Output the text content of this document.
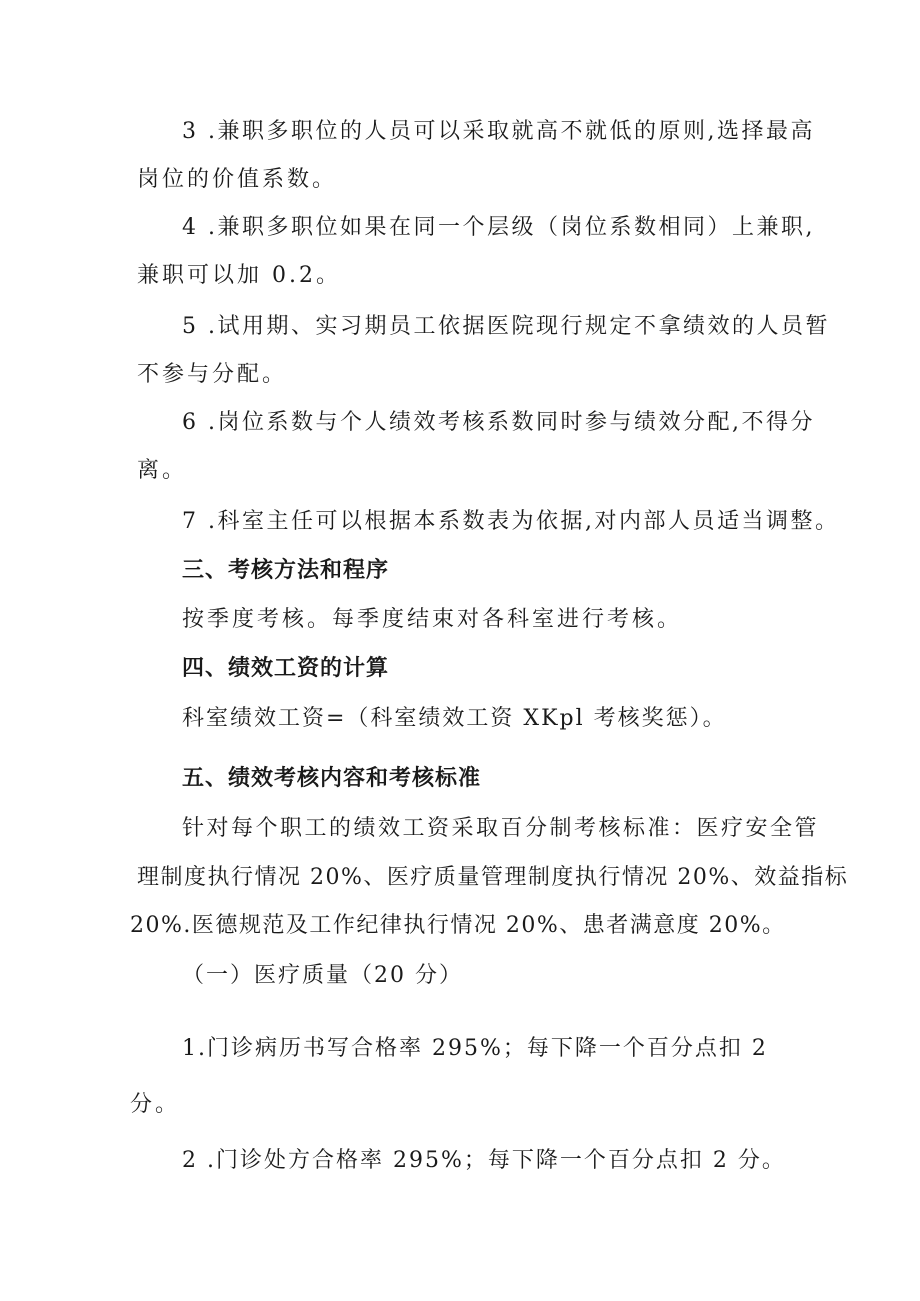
3 .兼职多职位的人员可以采取就高不就低的原则,选择最高
岗位的价值系数。
4 .兼职多职位如果在同一个层级（岗位系数相同）上兼职,
兼职可以加 0.2。
5 .试用期、实习期员工依据医院现行规定不拿绩效的人员暂
不参与分配。
6 .岗位系数与个人绩效考核系数同时参与绩效分配,不得分
离。
7 .科室主任可以根据本系数表为依据,对内部人员适当调整。
三、考核方法和程序
按季度考核。每季度结束对各科室进行考核。
四、绩效工资的计算
科室绩效工资=（科室绩效工资 XKpl 考核奖惩）。
五、绩效考核内容和考核标准
针对每个职工的绩效工资采取百分制考核标准：医疗安全管
理制度执行情况 20%、医疗质量管理制度执行情况 20%、效益指标
20%.医德规范及工作纪律执行情况 20%、患者满意度 20%。
（一）医疗质量（20 分）
1.门诊病历书写合格率 295%；每下降一个百分点扣 2
分。
2 .门诊处方合格率 295%；每下降一个百分点扣 2 分。
